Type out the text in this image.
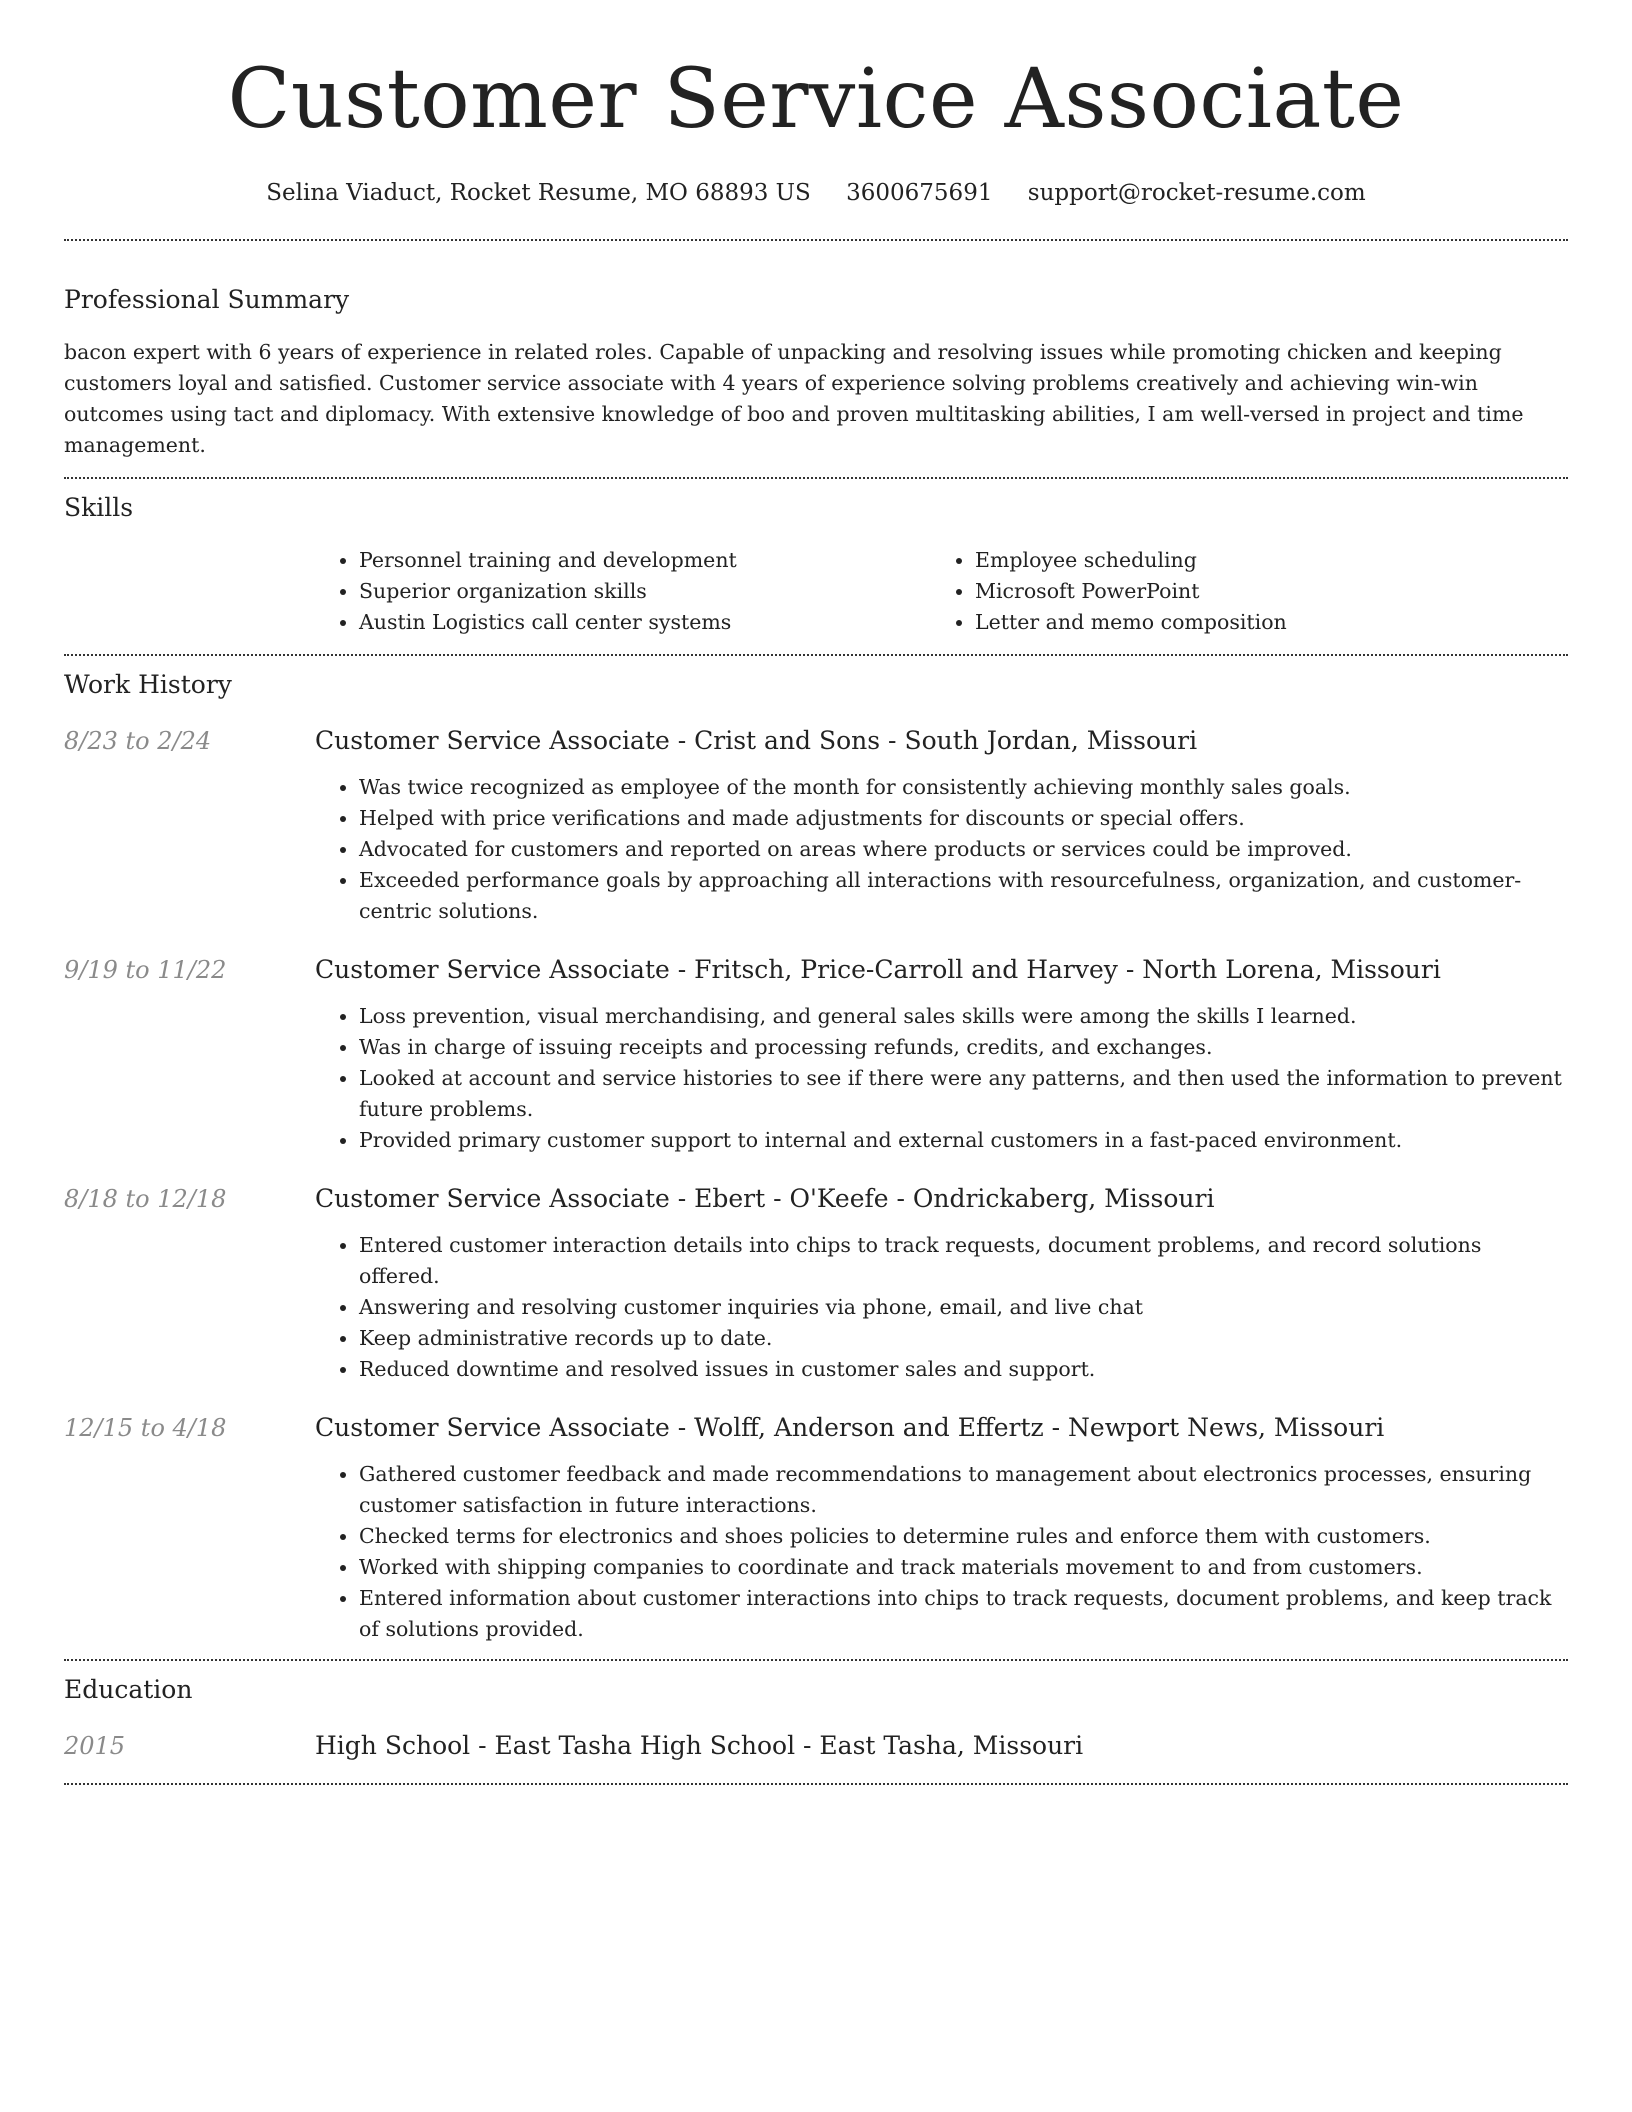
Customer Service Associate
Selina Viaduct, Rocket Resume, MO 68893 US 3600675691 support@rocket-resume.com
Professional Summary

bacon expert with 6 years of experience in related roles. Capable of unpacking and resolving issues while promoting chicken and keeping customers loyal and satisfied. Customer service associate with 4 years of experience solving problems creatively and achieving win-win outcomes using tact and diplomacy. With extensive knowledge of boo and proven multitasking abilities, I am well-versed in project and time management.

Skills
• Personnel training and development
• Superior organization skills
• Austin Logistics call center systems
• Employee scheduling
• Microsoft PowerPoint
• Letter and memo composition
Work History
8/23 to 2/24	Customer Service Associate - Crist and Sons - South Jordan, Missouri
• Was twice recognized as employee of the month for consistently achieving monthly sales goals.
• Helped with price verifications and made adjustments for discounts or special offers.
• Advocated for customers and reported on areas where products or services could be improved.
• Exceeded performance goals by approaching all interactions with resourcefulness, organization, and customer-centric solutions.
9/19 to 11/22	Customer Service Associate - Fritsch, Price-Carroll and Harvey - North Lorena, Missouri
• Loss prevention, visual merchandising, and general sales skills were among the skills I learned.
• Was in charge of issuing receipts and processing refunds, credits, and exchanges.
• Looked at account and service histories to see if there were any patterns, and then used the information to prevent future problems.
• Provided primary customer support to internal and external customers in a fast-paced environment.
8/18 to 12/18	Customer Service Associate - Ebert - O'Keefe - Ondrickaberg, Missouri
• Entered customer interaction details into chips to track requests, document problems, and record solutions offered.
• Answering and resolving customer inquiries via phone, email, and live chat
• Keep administrative records up to date.
• Reduced downtime and resolved issues in customer sales and support.
12/15 to 4/18	Customer Service Associate - Wolff, Anderson and Effertz - Newport News, Missouri
• Gathered customer feedback and made recommendations to management about electronics processes, ensuring customer satisfaction in future interactions.
• Checked terms for electronics and shoes policies to determine rules and enforce them with customers.
• Worked with shipping companies to coordinate and track materials movement to and from customers.
• Entered information about customer interactions into chips to track requests, document problems, and keep track of solutions provided.
Education
2015	High School - East Tasha High School - East Tasha, Missouri
